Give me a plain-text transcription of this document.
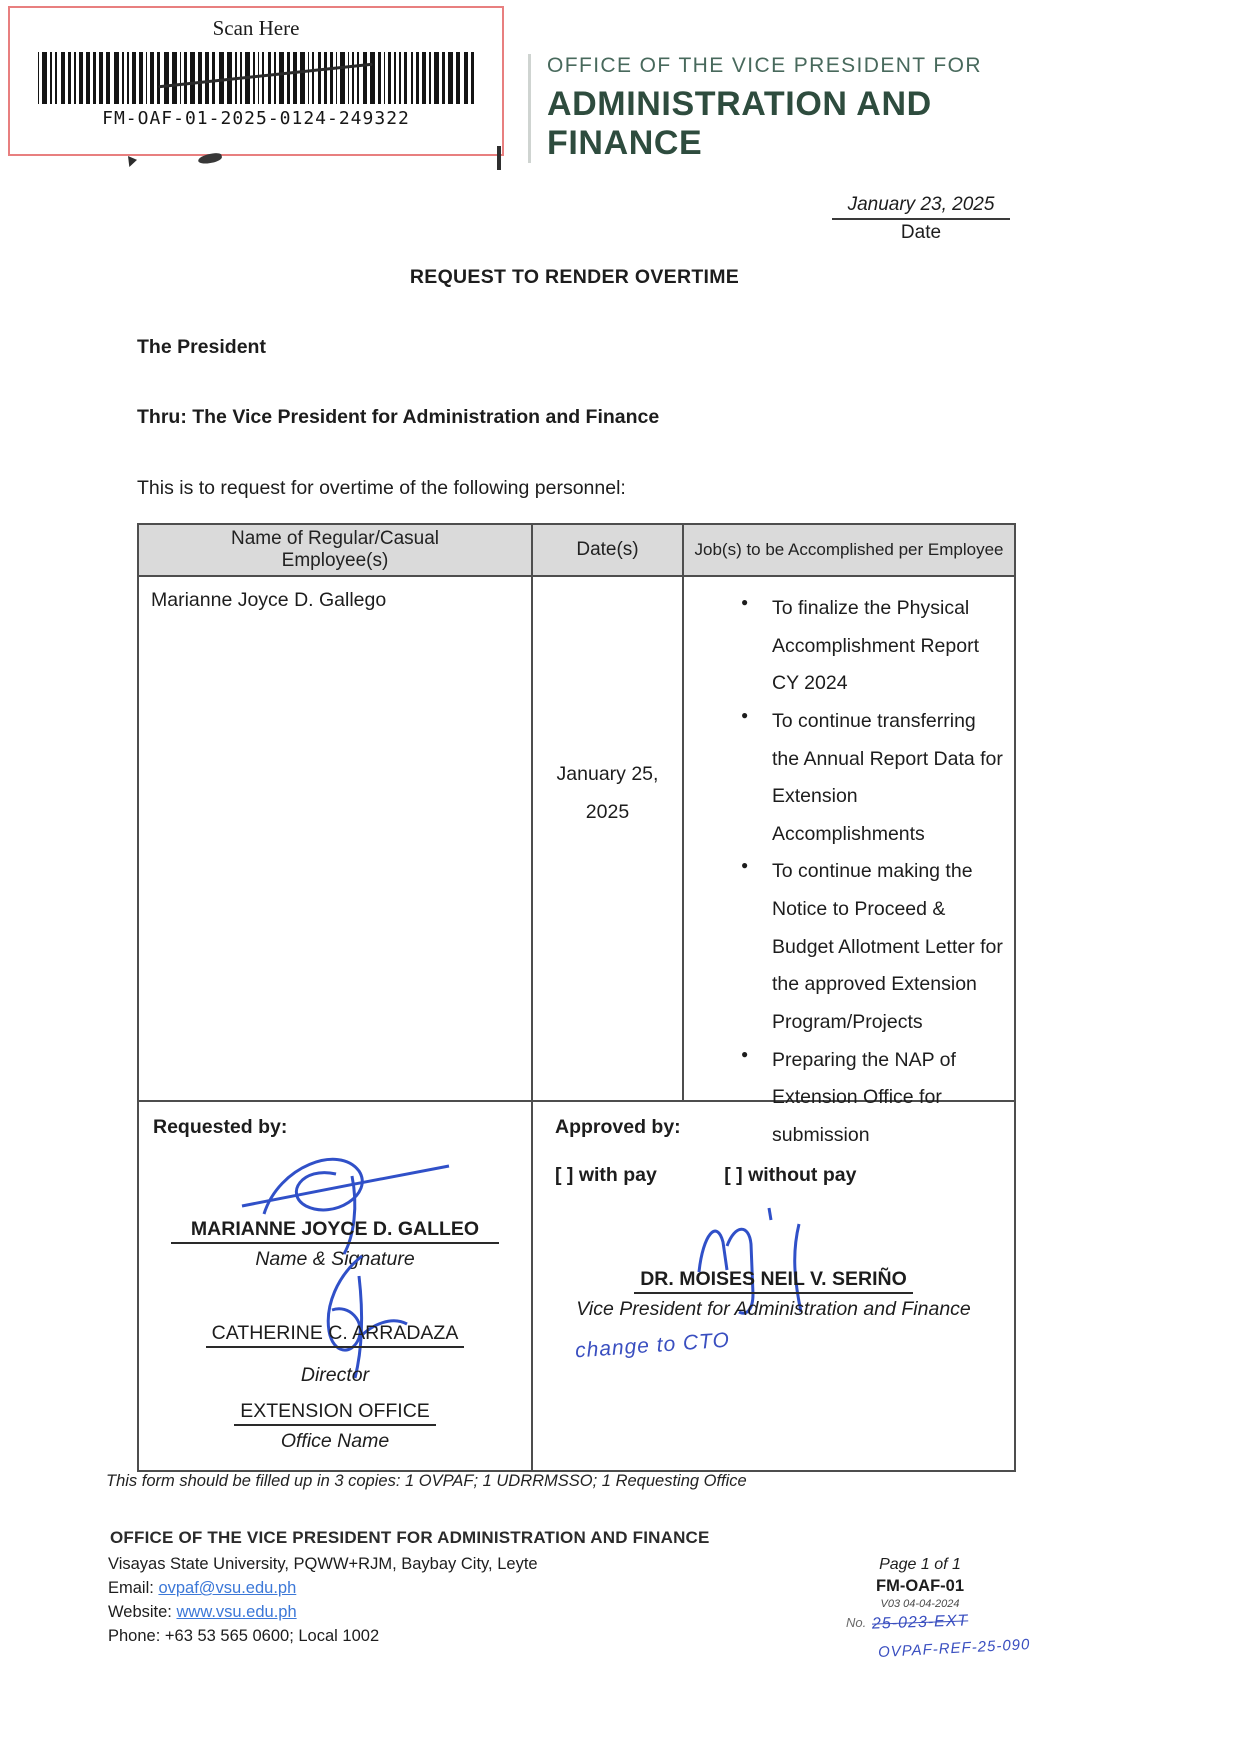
Scan Here
FM-OAF-01-2025-0124-249322
OFFICE OF THE VICE PRESIDENT FOR
ADMINISTRATION AND
FINANCE
January 23, 2025
Date
REQUEST TO RENDER OVERTIME
The President
Thru: The Vice President for Administration and Finance
This is to request for overtime of the following personnel:
Name of Regular/Casual Employee(s)
Date(s)	Job(s) to be Accomplished per Employee
Marianne Joyce D. Gallego
January 25, 2025
● To finalize the Physical Accomplishment Report CY 2024
● To continue transferring the Annual Report Data for Extension Accomplishments
● To continue making the Notice to Proceed & Budget Allotment Letter for the approved Extension Program/Projects
● Preparing the NAP of Extension Office for submission
Requested by:
MARIANNE JOYCE D. GALLEO
Name & Signature
CATHERINE C. ARRADAZA
Director
EXTENSION OFFICE
Office Name
Approved by:
[ ] with pay	[ ] without pay
DR. MOISES NEIL V. SERIÑO
Vice President for Administration and Finance
change to CTO
This form should be filled up in 3 copies: 1 OVPAF; 1 UDRRMSSO; 1 Requesting Office
OFFICE OF THE VICE PRESIDENT FOR ADMINISTRATION AND FINANCE
Visayas State University, PQWW+RJM, Baybay City, Leyte
Email: ovpaf@vsu.edu.ph
Website: www.vsu.edu.ph
Phone: +63 53 565 0600; Local 1002
Page 1 of 1
FM-OAF-01
V03 04-04-2024
No. 25-023-EXT
OVPAF-REF-25-090
